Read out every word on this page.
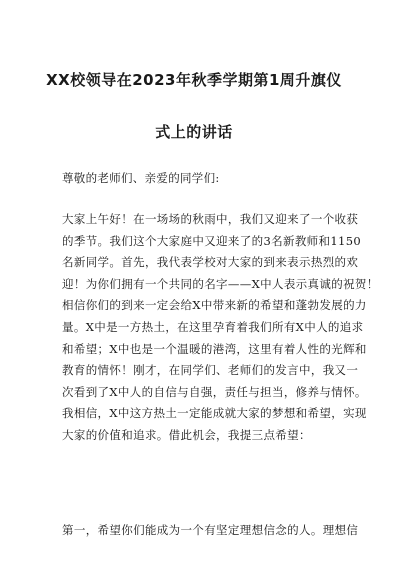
XX校领导在2023年秋季学期第1周升旗仪
式上的讲话
尊敬的老师们、亲爱的同学们:
大家上午好！在一场场的秋雨中，我们又迎来了一个收获
的季节。我们这个大家庭中又迎来了的3名新教师和1150
名新同学。首先，我代表学校对大家的到来表示热烈的欢
迎！为你们拥有一个共同的名字——X中人表示真诚的祝贺！
相信你们的到来一定会给X中带来新的希望和蓬勃发展的力
量。X中是一方热土，在这里孕育着我们所有X中人的追求
和希望；X中也是一个温暖的港湾，这里有着人性的光辉和
教育的情怀！刚才，在同学们、老师们的发言中，我又一
次看到了X中人的自信与自强，责任与担当，修养与情怀。
我相信，X中这方热土一定能成就大家的梦想和希望，实现
大家的价值和追求。借此机会，我提三点希望：
第一，希望你们能成为一个有坚定理想信念的人。理想信
